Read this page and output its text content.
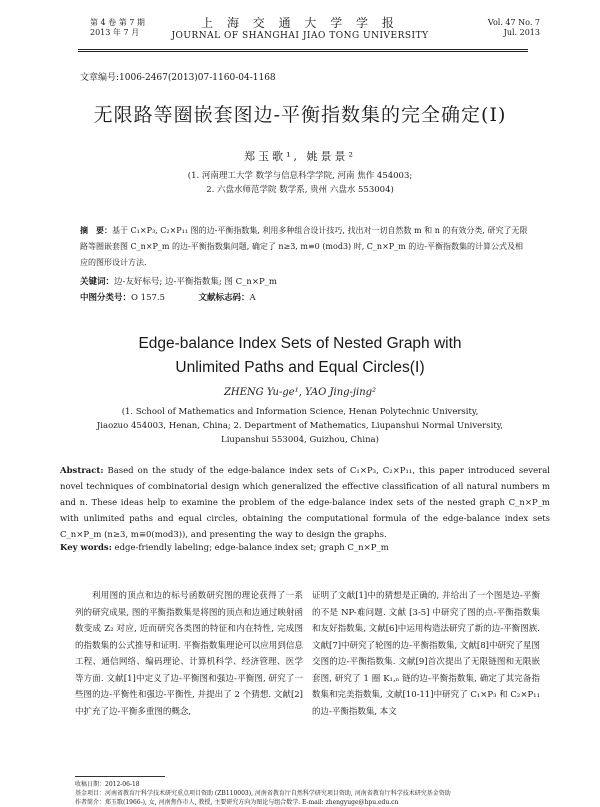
第 4 卷 第 7 期
2013 年 7 月
上 海 交 通 大 学 学 报
JOURNAL OF SHANGHAI JIAO TONG UNIVERSITY
Vol. 47 No. 7
Jul. 2013
文章编号:1006-2467(2013)07-1160-04-1168
无限路等圈嵌套图边-平衡指数集的完全确定(Ⅰ)
郑玉歌¹, 姚景景²
(1. 河南理工大学 数学与信息科学学院, 河南 焦作 454003;
2. 六盘水师范学院 数学系, 贵州 六盘水 553004)
摘　要：基于 C₁×P₃, C₂×P₁₁ 图的边-平衡指数集, 利用多种组合设计技巧, 找出对一切自然数 m 和 n 的有效分类, 研究了无限路等圈嵌套图 C_n×P_m 的边-平衡指数集问题, 确定了 n≥3, m≡0 (mod3) 时, C_n×P_m 的边-平衡指数集的计算公式及相应的图形设计方法.
关键词：边-友好标号; 边-平衡指数集; 图 C_n×P_m
中图分类号：O 157.5	文献标志码：A
Edge-balance Index Sets of Nested Graph with
Unlimited Paths and Equal Circles(Ⅰ)
ZHENG Yu-ge¹, YAO Jing-jing²
(1. School of Mathematics and Information Science, Henan Polytechnic University,
Jiaozuo 454003, Henan, China; 2. Department of Mathematics, Liupanshui Normal University,
Liupanshui 553004, Guizhou, China)
Abstract: Based on the study of the edge-balance index sets of C₁×P₃, C₂×P₁₁, this paper introduced several novel techniques of combinatorial design which generalized the effective classification of all natural numbers m and n. These ideas help to examine the problem of the edge-balance index sets of the nested graph C_n×P_m with unlimited paths and equal circles, obtaining the computational formula of the edge-balance index sets C_n×P_m (n≥3, m≡0(mod3)), and presenting the way to design the graphs.
Key words: edge-friendly labeling; edge-balance index set; graph C_n×P_m
利用图的顶点和边的标号函数研究图的理论获得了一系列的研究成果, 图的平衡指数集是将图的顶点和边通过映射函数变成 Z₂ 对应, 近而研究各类图的特征和内在特性, 完成图的指数集的公式推导和证明. 平衡指数集理论可以应用到信息工程、通信网络、编码理论、计算机科学、经济管理、医学等方面. 文献[1]中定义了边-平衡图和强边-平衡图, 研究了一些图的边-平衡性和强边-平衡性, 并提出了 2 个猜想. 文献[2]中扩充了边-平衡多重图的概念,
证明了文献[1]中的猜想是正确的, 并给出了一个图是边-平衡的不是 NP-难问题. 文献 [3-5] 中研究了图的点-平衡指数集和友好指数集, 文献[6]中运用构造法研究了新的边-平衡图族. 文献[7]中研究了轮图的边-平衡指数集, 文献[8]中研究了星图交图的边-平衡指数集. 文献[9]首次提出了无限链图和无限嵌套图, 研究了 1 圈 K₁,ₙ 链的边-平衡指数集, 确定了其完备指数集和完美指数集, 文献[10-11]中研究了 C₁×P₃ 和 C₂×P₁₁ 的边-平衡指数集, 本文
收稿日期：2012-06-18
基金项目：河南省教育厅科学技术研究重点项目资助 (ZB110003), 河南省教育厅自然科学研究项目资助, 河南省教育厅科学技术研究基金资助
作者简介：郑玉歌(1966-), 女, 河南焦作市人, 教授, 主要研究方向为图论与组合数学. E-mail: zhengyuge@hpu.edu.cn
